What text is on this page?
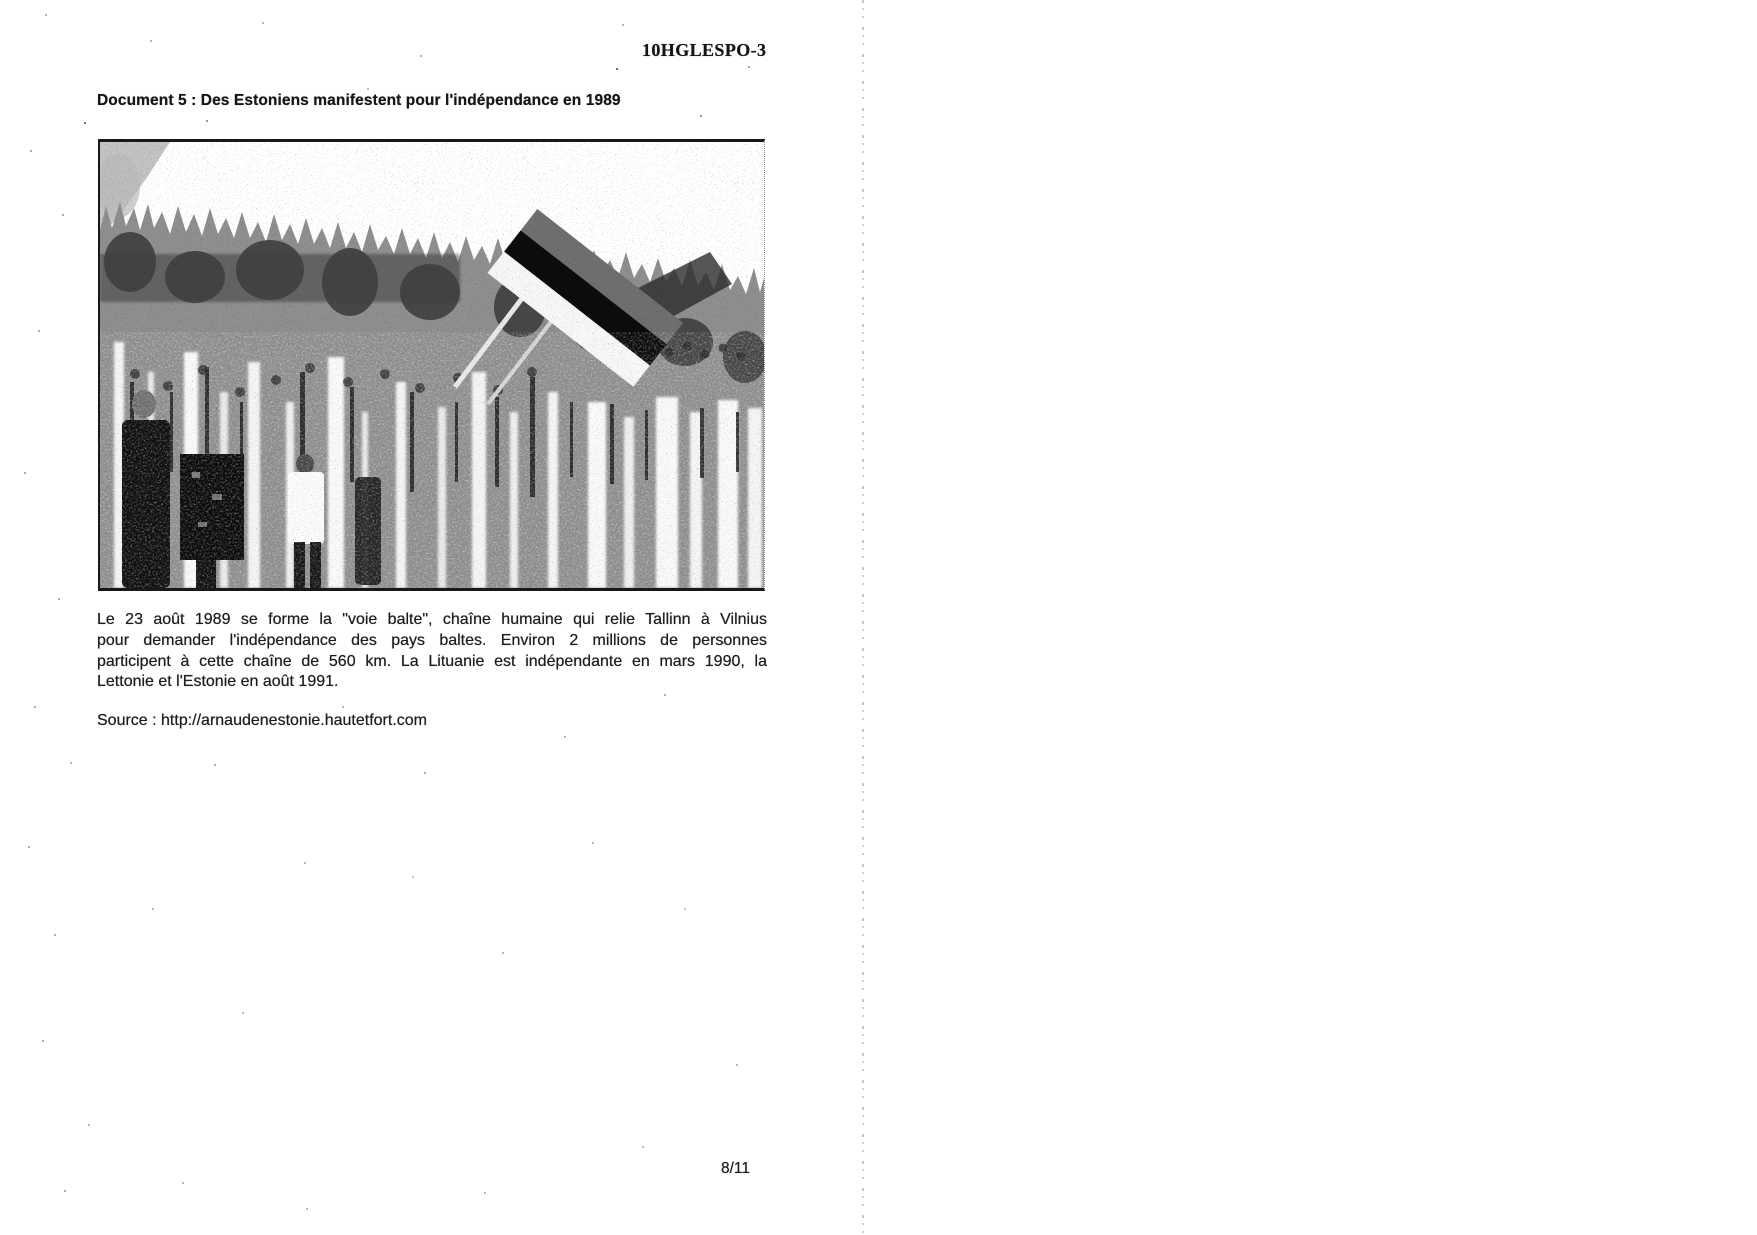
10HGLESPO-3
Document 5 : Des Estoniens manifestent pour l'indépendance en 1989
Le 23 août 1989 se forme la "voie balte", chaîne humaine qui relie Tallinn à Vilnius
pour demander l'indépendance des pays baltes. Environ 2 millions de personnes
participent à cette chaîne de 560 km. La Lituanie est indépendante en mars 1990, la
Lettonie et l'Estonie en août 1991.
Source : http://arnaudenestonie.hautetfort.com
8/11
